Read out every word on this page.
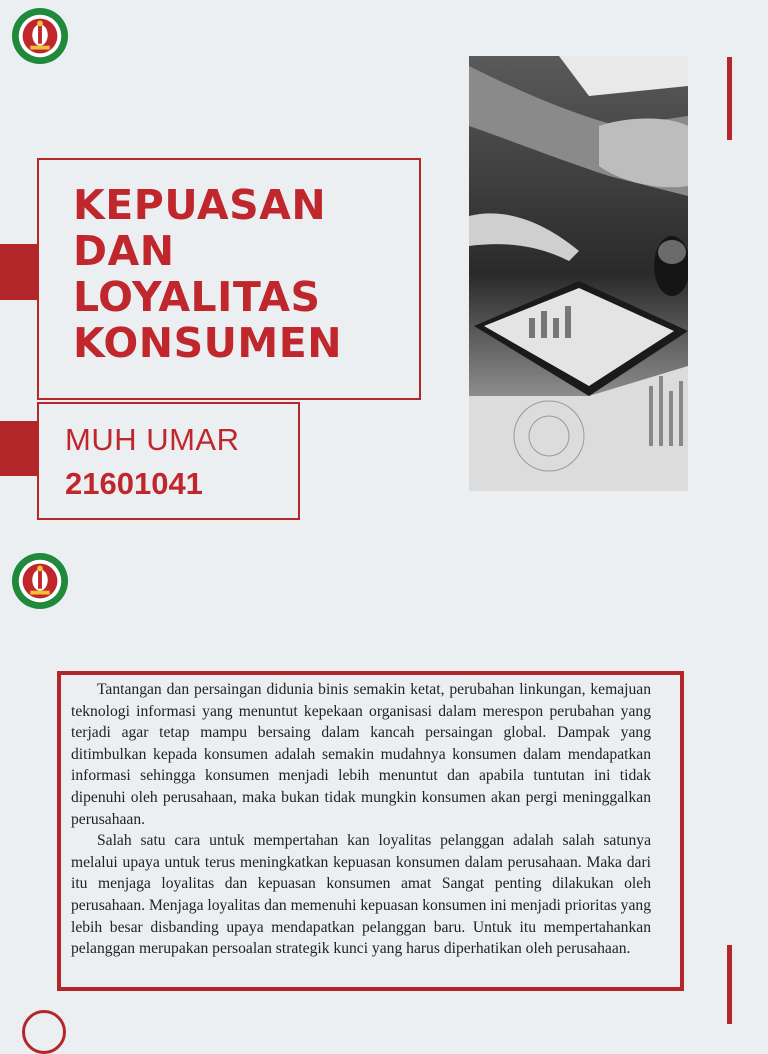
KEPUASAN
DAN
LOYALITAS
KONSUMEN
MUH UMAR
21601041

Tantangan dan persaingan didunia binis semakin ketat, perubahan linkungan, kemajuan teknologi informasi yang menuntut kepekaan organisasi dalam merespon perubahan yang terjadi agar tetap mampu bersaing dalam kancah persaingan global. Dampak yang ditimbulkan kepada konsumen adalah semakin mudahnya konsumen dalam mendapatkan informasi sehingga konsumen menjadi lebih menuntut dan apabila tuntutan ini tidak dipenuhi oleh perusahaan, maka bukan tidak mungkin konsumen akan pergi meninggalkan perusahaan.

Salah satu cara untuk mempertahan kan loyalitas pelanggan adalah salah satunya melalui upaya untuk terus meningkatkan kepuasan konsumen dalam perusahaan. Maka dari itu menjaga loyalitas dan kepuasan konsumen amat Sangat penting dilakukan oleh perusahaan. Menjaga loyalitas dan memenuhi kepuasan konsumen ini menjadi prioritas yang lebih besar disbanding upaya mendapatkan pelanggan baru. Untuk itu mempertahankan pelanggan merupakan persoalan strategik kunci yang harus diperhatikan oleh perusahaan.
